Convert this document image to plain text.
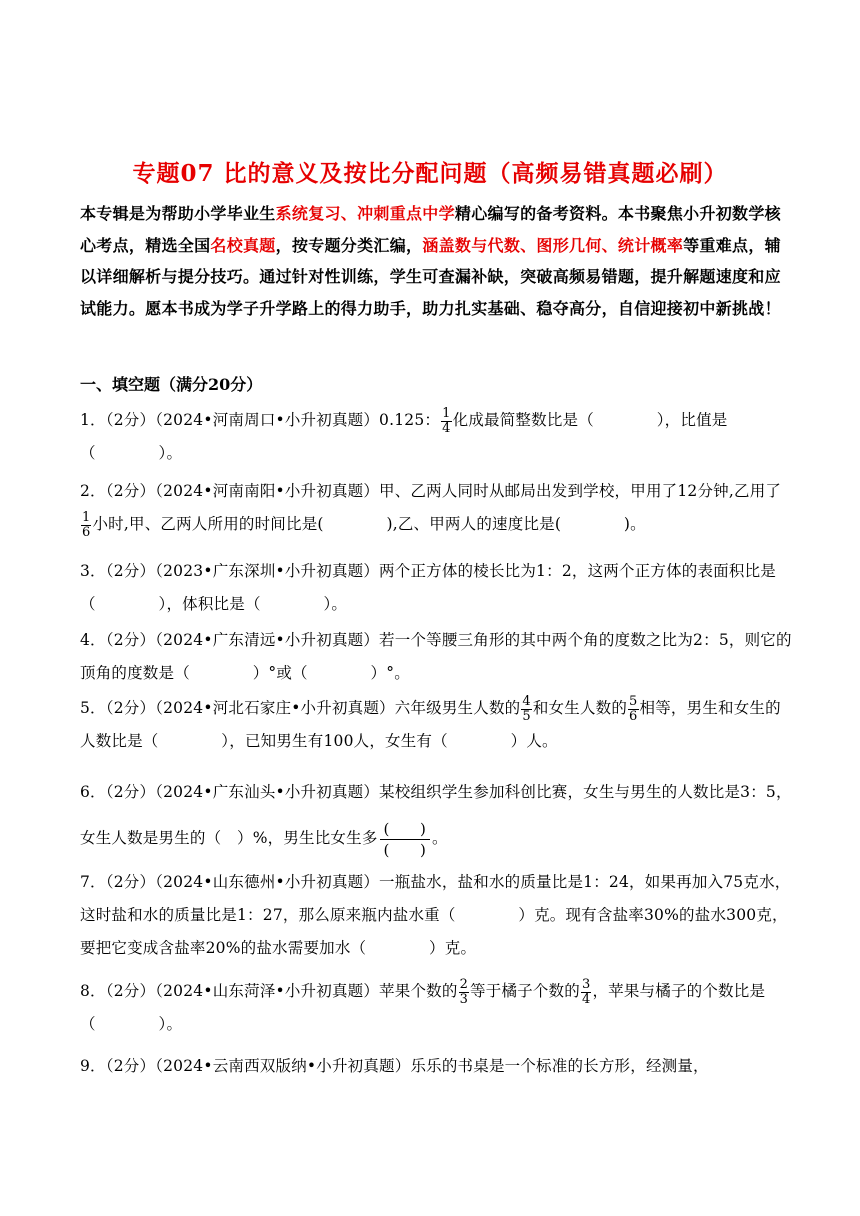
专题07 比的意义及按比分配问题（高频易错真题必刷）
本专辑是为帮助小学毕业生系统复习、冲刺重点中学精心编写的备考资料。本书聚焦小升初数学核心考点，精选全国名校真题，按专题分类汇编，涵盖数与代数、图形几何、统计概率等重难点，辅以详细解析与提分技巧。通过针对性训练，学生可查漏补缺，突破高频易错题，提升解题速度和应试能力。愿本书成为学子升学路上的得力助手，助力扎实基础、稳夺高分，自信迎接初中新挑战！
一、填空题（满分20分）
1．（2分）（2024•河南周口•小升初真题）0.125： $\frac{1}{4}$ 化成最简整数比是（　　　　），比值是（　　　　）。
2．（2分）（2024•河南南阳•小升初真题）甲、乙两人同时从邮局出发到学校，甲用了12分钟,乙用了
$\frac{1}{6}$ 小时,甲、乙两人所用的时间比是(　　　　),乙、甲两人的速度比是(　　　　)。
3．（2分）（2023•广东深圳•小升初真题）两个正方体的棱长比为1：2，这两个正方体的表面积比是（　　　　），体积比是（　　　　）。
4．（2分）（2024•广东清远•小升初真题）若一个等腰三角形的其中两个角的度数之比为2：5，则它的顶角的度数是（　　　　）°或（　　　　）°。
5．（2分）（2024•河北石家庄•小升初真题）六年级男生人数的 $\frac{4}{5}$ 和女生人数的 $\frac{5}{6}$ 相等，男生和女生的人数比是（　　　　），已知男生有100人，女生有（　　　　）人。
6．（2分）（2024•广东汕头•小升初真题）某校组织学生参加科创比赛，女生与男生的人数比是3：5，女生人数是男生的（　）%，男生比女生多
(　　)
(　　)
。
7．（2分）（2024•山东德州•小升初真题）一瓶盐水，盐和水的质量比是1：24，如果再加入75克水，这时盐和水的质量比是1：27，那么原来瓶内盐水重（　　　　）克。现有含盐率30%的盐水300克，要把它变成含盐率20%的盐水需要加水（　　　　）克。
8．（2分）（2024•山东菏泽•小升初真题）苹果个数的 $\frac{2}{3}$ 等于橘子个数的 $\frac{3}{4}$ ，苹果与橘子的个数比是（　　　　）。
9．（2分）（2024•云南西双版纳•小升初真题）乐乐的书桌是一个标准的长方形，经测量，
